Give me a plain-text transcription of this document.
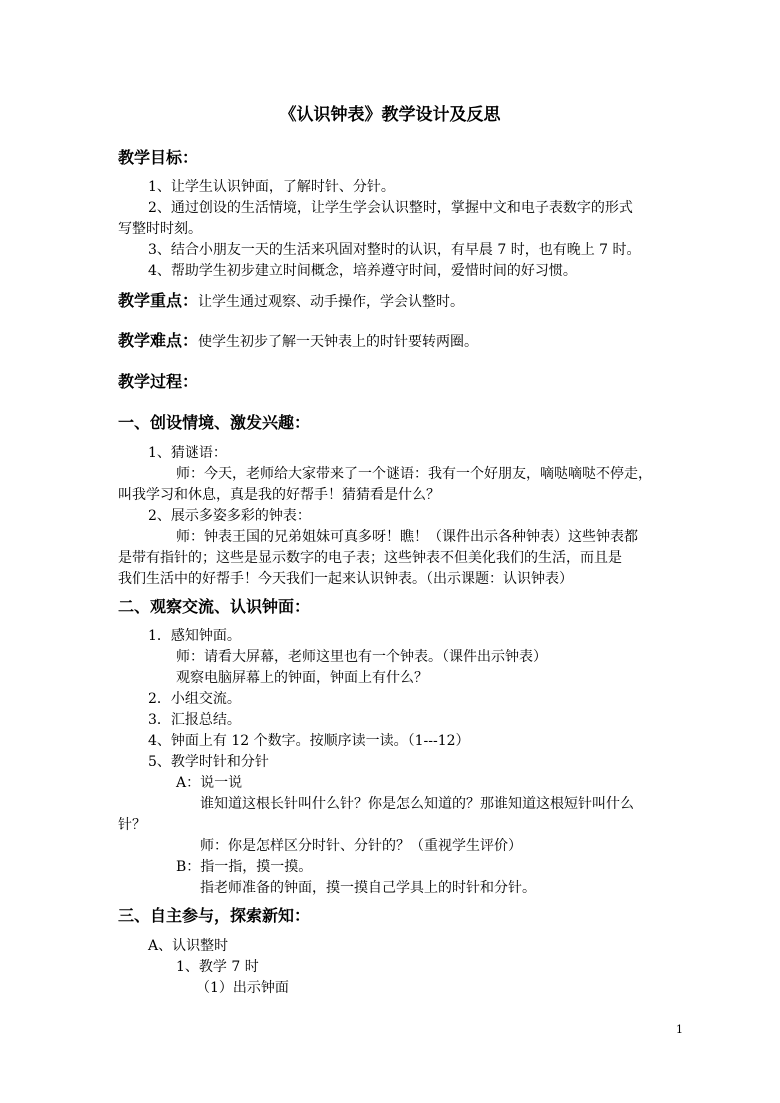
《认识钟表》教学设计及反思
教学目标：
1、让学生认识钟面，了解时针、分针。
2、通过创设的生活情境，让学生学会认识整时，掌握中文和电子表数字的形式
写整时时刻。
3、结合小朋友一天的生活来巩固对整时的认识，有早晨 7 时，也有晚上 7 时。
4、帮助学生初步建立时间概念，培养遵守时间，爱惜时间的好习惯。
教学重点：让学生通过观察、动手操作，学会认整时。
教学难点：使学生初步了解一天钟表上的时针要转两圈。
教学过程：
一、创设情境、激发兴趣：
1、猜谜语：
师：今天，老师给大家带来了一个谜语：我有一个好朋友，嘀哒嘀哒不停走，
叫我学习和休息，真是我的好帮手！猜猜看是什么？
2、展示多姿多彩的钟表：
师：钟表王国的兄弟姐妹可真多呀！瞧！（课件出示各种钟表）这些钟表都
是带有指针的；这些是显示数字的电子表；这些钟表不但美化我们的生活，而且是
我们生活中的好帮手！今天我们一起来认识钟表。（出示课题：认识钟表）
二、观察交流、认识钟面：
1．感知钟面。
师：请看大屏幕，老师这里也有一个钟表。（课件出示钟表）
观察电脑屏幕上的钟面，钟面上有什么？
2．小组交流。
3．汇报总结。
4、钟面上有 12 个数字。按顺序读一读。（1---12）
5、教学时针和分针
A：说一说
谁知道这根长针叫什么针？你是怎么知道的？那谁知道这根短针叫什么
针？
师：你是怎样区分时针、分针的？（重视学生评价）
B：指一指，摸一摸。
指老师准备的钟面，摸一摸自己学具上的时针和分针。
三、自主参与，探索新知：
A、认识整时
1、教学 7 时
（1）出示钟面
1
